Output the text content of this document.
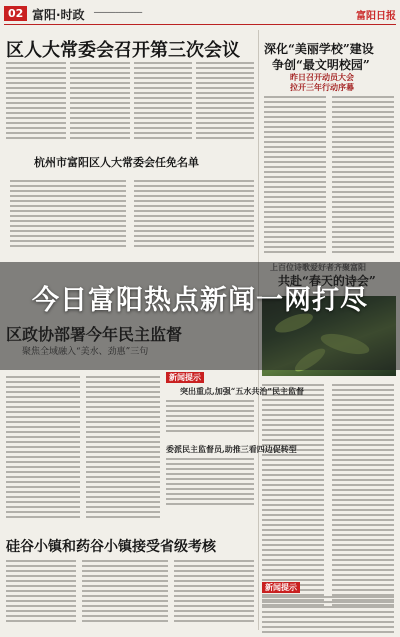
02 富阳·时政 ━━━━━━━━━━━━━━━━	富阳日报
区人大常委会召开第三次会议
杭州市富阳区人大常委会任免名单
深化“美丽学校”建设
争创“最文明校园”
昨日召开动员大会
拉开三年行动序幕
新闻提示
突出重点,加强“五水共治”民主监督
委派民主监督员,助推三看四边促转型
硅谷小镇和药谷小镇接受省级考核
新闻提示
今日富阳热点新闻一网打尽
